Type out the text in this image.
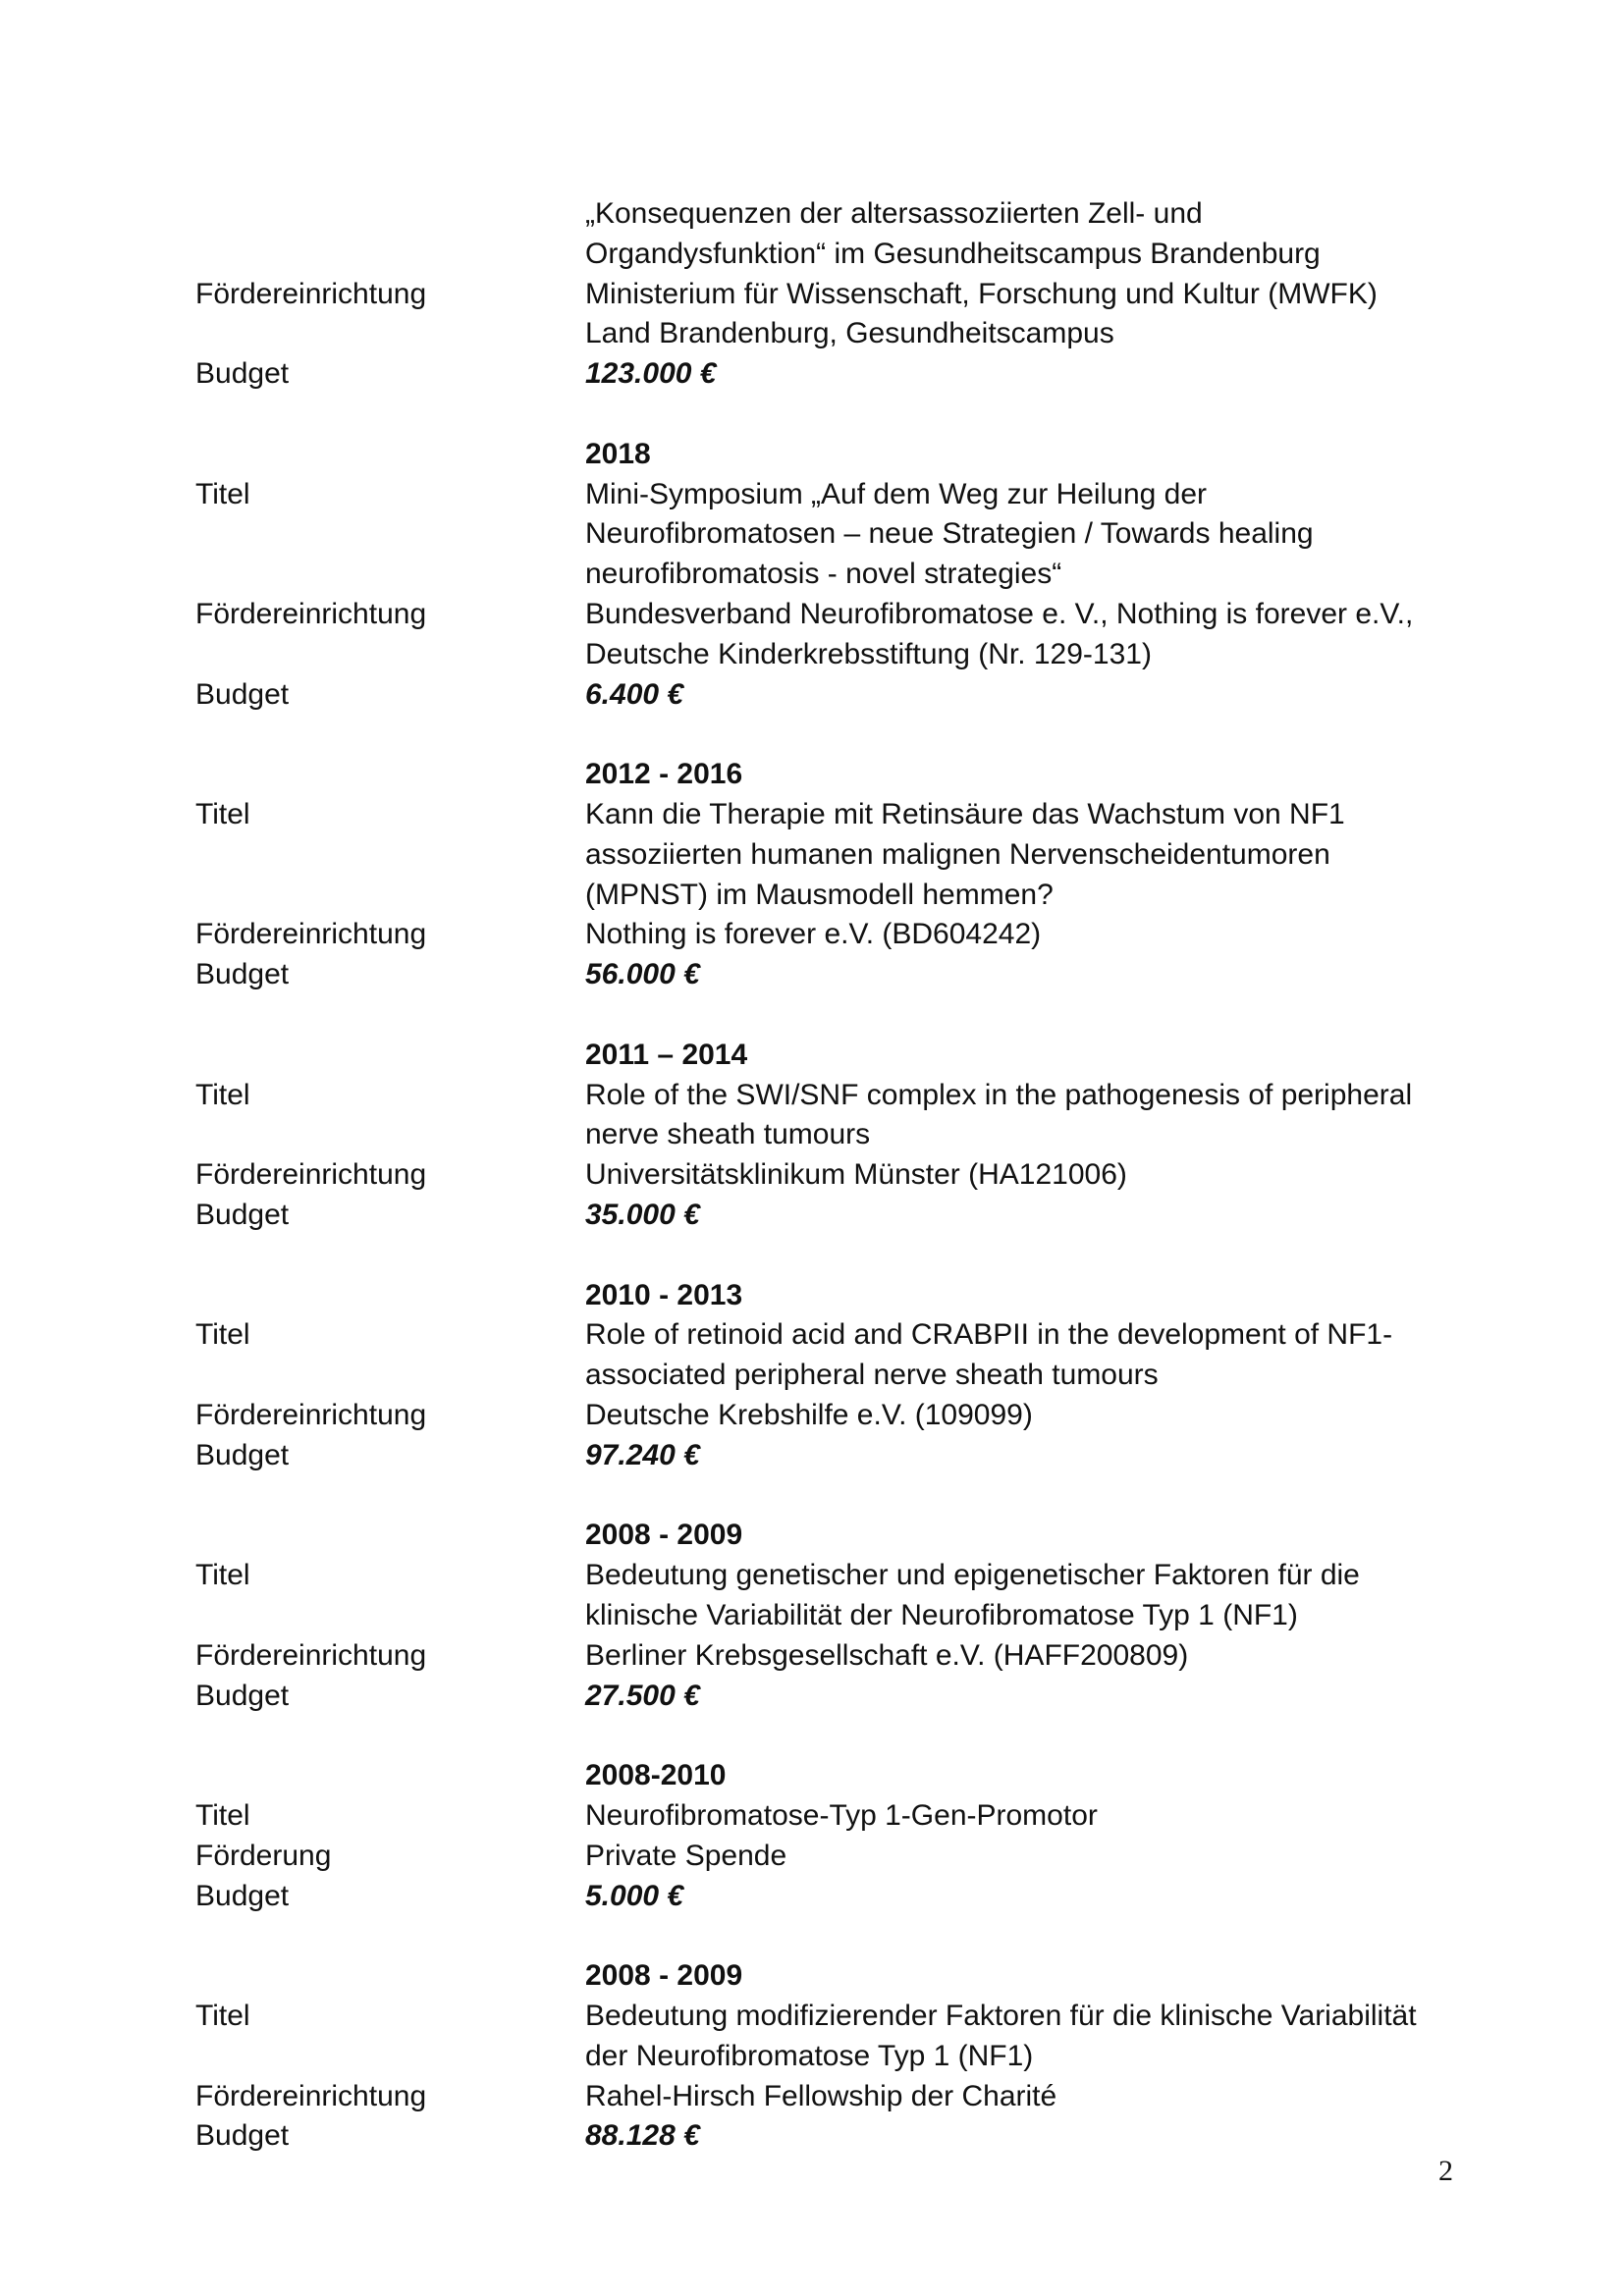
„Konsequenzen der altersassoziierten Zell- und
Organdysfunktion“ im Gesundheitscampus Brandenburg
Fördereinrichtung	Ministerium für Wissenschaft, Forschung und Kultur (MWFK)
Land Brandenburg, Gesundheitscampus
Budget	123.000 €
2018
Titel	Mini-Symposium „Auf dem Weg zur Heilung der
Neurofibromatosen – neue Strategien / Towards healing
neurofibromatosis - novel strategies“
Fördereinrichtung	Bundesverband Neurofibromatose e. V., Nothing is forever e.V.,
Deutsche Kinderkrebsstiftung (Nr. 129-131)
Budget	6.400 €
2012 - 2016
Titel	Kann die Therapie mit Retinsäure das Wachstum von NF1
assoziierten humanen malignen Nervenscheidentumoren
(MPNST) im Mausmodell hemmen?
Fördereinrichtung	Nothing is forever e.V. (BD604242)
Budget	56.000 €
2011 – 2014
Titel	Role of the SWI/SNF complex in the pathogenesis of peripheral
nerve sheath tumours
Fördereinrichtung	Universitätsklinikum Münster (HA121006)
Budget	35.000 €
2010 - 2013
Titel	Role of retinoid acid and CRABPII in the development of NF1-
associated peripheral nerve sheath tumours
Fördereinrichtung	Deutsche Krebshilfe e.V. (109099)
Budget	97.240 €
2008 - 2009
Titel	Bedeutung genetischer und epigenetischer Faktoren für die
klinische Variabilität der Neurofibromatose Typ 1 (NF1)
Fördereinrichtung	Berliner Krebsgesellschaft e.V. (HAFF200809)
Budget	27.500 €
2008-2010
Titel	Neurofibromatose-Typ 1-Gen-Promotor
Förderung	Private Spende
Budget	5.000 €
2008 - 2009
Titel	Bedeutung modifizierender Faktoren für die klinische Variabilität
der Neurofibromatose Typ 1 (NF1)
Fördereinrichtung	Rahel-Hirsch Fellowship der Charité
Budget	88.128 €
2
